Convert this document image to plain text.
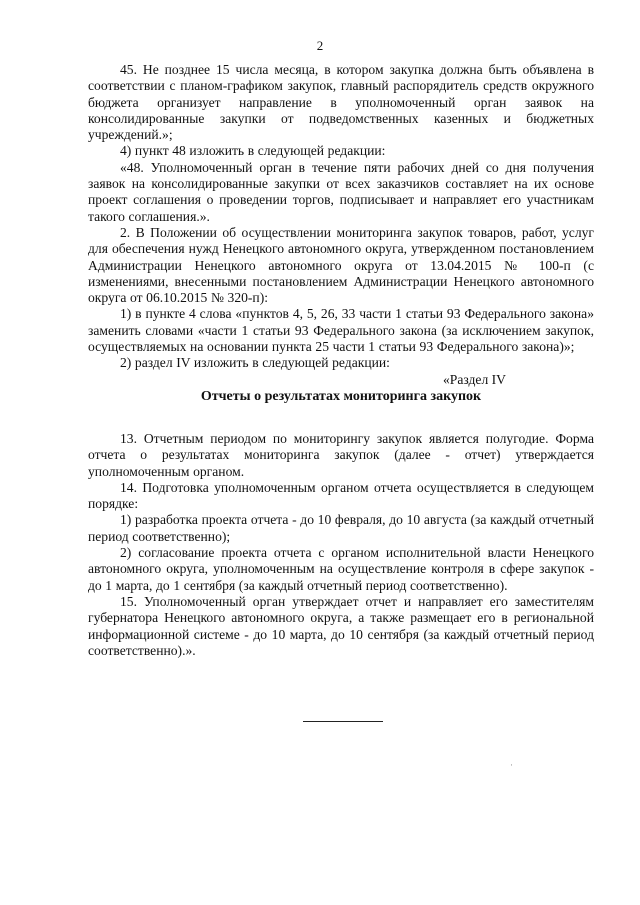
2

45. Не позднее 15 числа месяца, в котором закупка должна быть объявлена в соответствии с планом-графиком закупок, главный распорядитель средств окружного бюджета организует направление в уполномоченный орган заявок на консолидированные закупки от подведомственных казенных и бюджетных учреждений.»;

4) пункт 48 изложить в следующей редакции:

«48. Уполномоченный орган в течение пяти рабочих дней со дня получения заявок на консолидированные закупки от всех заказчиков составляет на их основе проект соглашения о проведении торгов, подписывает и направляет его участникам такого соглашения.».

2. В Положении об осуществлении мониторинга закупок товаров, работ, услуг для обеспечения нужд Ненецкого автономного округа, утвержденном постановлением Администрации Ненецкого автономного округа от 13.04.2015 № 100-п (с изменениями, внесенными постановлением Администрации Ненецкого автономного округа от 06.10.2015 № 320-п):

1) в пункте 4 слова «пунктов 4, 5, 26, 33 части 1 статьи 93 Федерального закона» заменить словами «части 1 статьи 93 Федерального закона (за исключением закупок, осуществляемых на основании пункта 25 части 1 статьи 93 Федерального закона)»;

2) раздел IV изложить в следующей редакции:

«Раздел IV

Отчеты о результатах мониторинга закупок

13. Отчетным периодом по мониторингу закупок является полугодие. Форма отчета о результатах мониторинга закупок (далее - отчет) утверждается уполномоченным органом.

14. Подготовка уполномоченным органом отчета осуществляется в следующем порядке:

1) разработка проекта отчета - до 10 февраля, до 10 августа (за каждый отчетный период соответственно);

2) согласование проекта отчета с органом исполнительной власти Ненецкого автономного округа, уполномоченным на осуществление контроля в сфере закупок - до 1 марта, до 1 сентября (за каждый отчетный период соответственно).

15. Уполномоченный орган утверждает отчет и направляет его заместителям губернатора Ненецкого автономного округа, а также размещает его в региональной информационной системе - до 10 марта, до 10 сентября (за каждый отчетный период соответственно).».

·
